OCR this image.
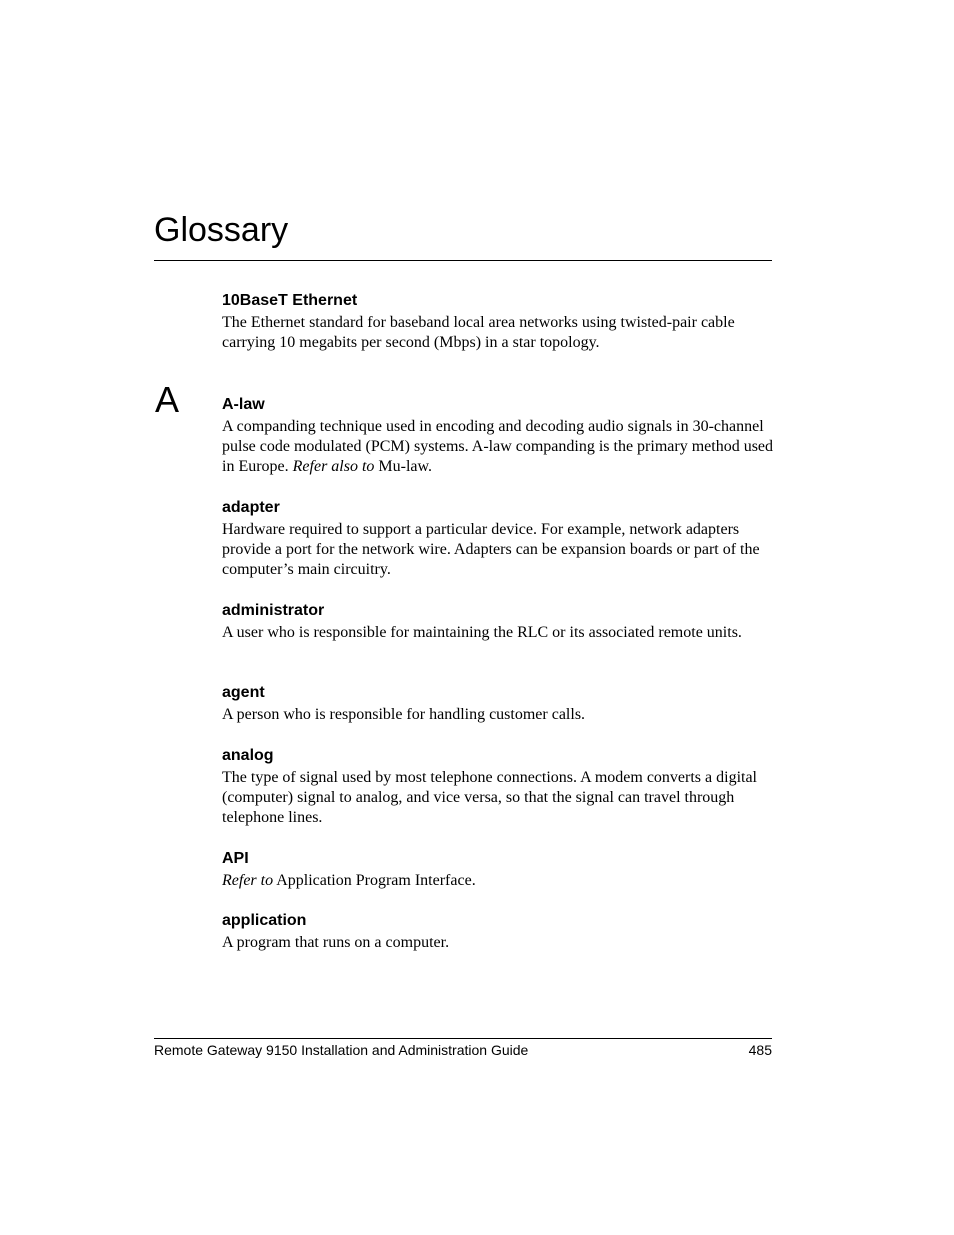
Glossary

10BaseT Ethernet

The Ethernet standard for baseband local area networks using twisted-pair cable carrying 10 megabits per second (Mbps) in a star topology.

A	A-law

A companding technique used in encoding and decoding audio signals in 30-channel pulse code modulated (PCM) systems. A-law companding is the primary method used in Europe. Refer also to Mu-law.

adapter

Hardware required to support a particular device. For example, network adapters provide a port for the network wire. Adapters can be expansion boards or part of the computer’s main circuitry.

administrator

A user who is responsible for maintaining the RLC or its associated remote units.

agent

A person who is responsible for handling customer calls.

analog

The type of signal used by most telephone connections. A modem converts a digital (computer) signal to analog, and vice versa, so that the signal can travel through telephone lines.

API

Refer to Application Program Interface.

application

A program that runs on a computer.

Remote Gateway 9150 Installation and Administration Guide	485
